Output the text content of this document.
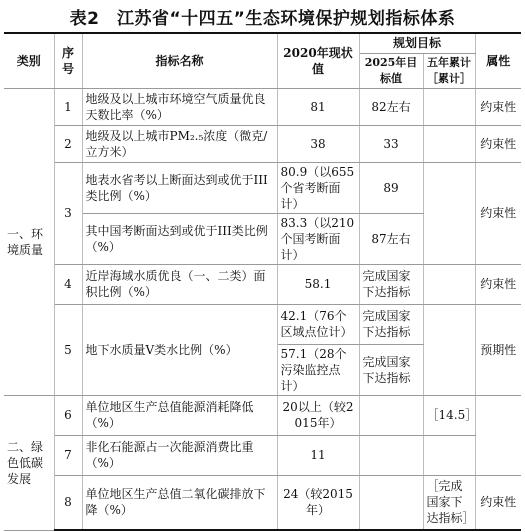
表2　江苏省“十四五”生态环境保护规划指标体系
类别	序号	指标名称	2020年现状值	规划目标		属性
				2025年目标值	五年累计［累计］	
一、环境质量	1	地级及以上城市环境空气质量优良天数比率（%）	81	82左右		约束性
	2	地级及以上城市PM₂.₅浓度（微克/立方米）	38	33		约束性
	3	地表水省考以上断面达到或优于III类比例（%）	80.9（以655个省考断面计）	89		约束性
		其中国考断面达到或优于III类比例（%）	83.3（以210个国考断面计）	87左右		
	4	近岸海域水质优良（一、二类）面积比例（%）	58.1	完成国家下达指标		约束性
	5	地下水质量V类水比例（%）	42.1（76个区域点位计）	完成国家下达指标		预期性
			57.1（28个污染监控点计）	完成国家下达指标		
二、绿色低碳发展	6	单位地区生产总值能源消耗降低（%）	20以上（较2015年）		［14.5］	
	7	非化石能源占一次能源消费比重（%）	11			
	8	单位地区生产总值二氧化碳排放下降（%）	24（较2015年）		［完成国家下达指标］	约束性
